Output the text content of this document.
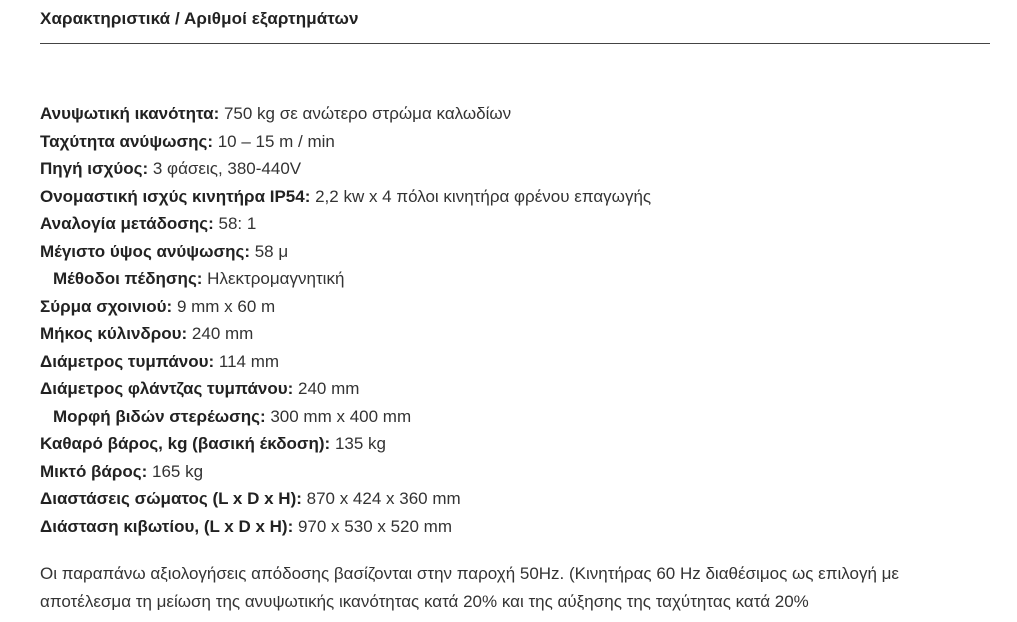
Χαρακτηριστικά / Αριθμοί εξαρτημάτων
Ανυψωτική ικανότητα: 750 kg σε ανώτερο στρώμα καλωδίων
Ταχύτητα ανύψωσης: 10 – 15 m / min
Πηγή ισχύος: 3 φάσεις, 380-440V
Ονομαστική ισχύς κινητήρα IP54: 2,2 kw x 4 πόλοι κινητήρα φρένου επαγωγής
Αναλογία μετάδοσης: 58: 1
Μέγιστο ύψος ανύψωσης: 58 μ
Μέθοδοι πέδησης: Ηλεκτρομαγνητική
Σύρμα σχοινιού: 9 mm x 60 m
Μήκος κύλινδρου: 240 mm
Διάμετρος τυμπάνου: 114 mm
Διάμετρος φλάντζας τυμπάνου: 240 mm
Μορφή βιδών στερέωσης: 300 mm x 400 mm
Καθαρό βάρος, kg (βασική έκδοση): 135 kg
Μικτό βάρος: 165 kg
Διαστάσεις σώματος (L x D x H): 870 x 424 x 360 mm
Διάσταση κιβωτίου, (L x D x H): 970 x 530 x 520 mm

Οι παραπάνω αξιολογήσεις απόδοσης βασίζονται στην παροχή 50Hz. (Κινητήρας 60 Hz διαθέσιμος ως επιλογή με αποτέλεσμα τη μείωση της ανυψωτικής ικανότητας κατά 20% και της αύξησης της ταχύτητας κατά 20%
